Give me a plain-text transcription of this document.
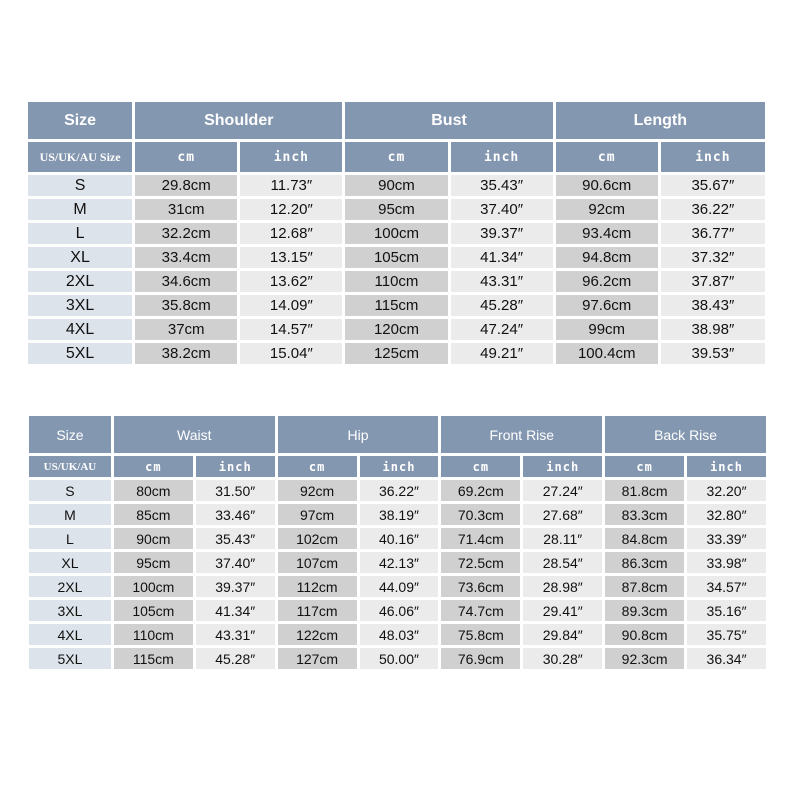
Size	Shoulder		Bust		Length	
US/UK/AU Size	cm	inch	cm	inch	cm	inch
S	29.8cm	11.73″	90cm	35.43″	90.6cm	35.67″
M	31cm	12.20″	95cm	37.40″	92cm	36.22″
L	32.2cm	12.68″	100cm	39.37″	93.4cm	36.77″
XL	33.4cm	13.15″	105cm	41.34″	94.8cm	37.32″
2XL	34.6cm	13.62″	110cm	43.31″	96.2cm	37.87″
3XL	35.8cm	14.09″	115cm	45.28″	97.6cm	38.43″
4XL	37cm	14.57″	120cm	47.24″	99cm	38.98″
5XL	38.2cm	15.04″	125cm	49.21″	100.4cm	39.53″
Size	Waist		Hip		Front Rise		Back Rise	
US/UK/AU	cm	inch	cm	inch	cm	inch	cm	inch
S	80cm	31.50″	92cm	36.22″	69.2cm	27.24″	81.8cm	32.20″
M	85cm	33.46″	97cm	38.19″	70.3cm	27.68″	83.3cm	32.80″
L	90cm	35.43″	102cm	40.16″	71.4cm	28.11″	84.8cm	33.39″
XL	95cm	37.40″	107cm	42.13″	72.5cm	28.54″	86.3cm	33.98″
2XL	100cm	39.37″	112cm	44.09″	73.6cm	28.98″	87.8cm	34.57″
3XL	105cm	41.34″	117cm	46.06″	74.7cm	29.41″	89.3cm	35.16″
4XL	110cm	43.31″	122cm	48.03″	75.8cm	29.84″	90.8cm	35.75″
5XL	115cm	45.28″	127cm	50.00″	76.9cm	30.28″	92.3cm	36.34″
